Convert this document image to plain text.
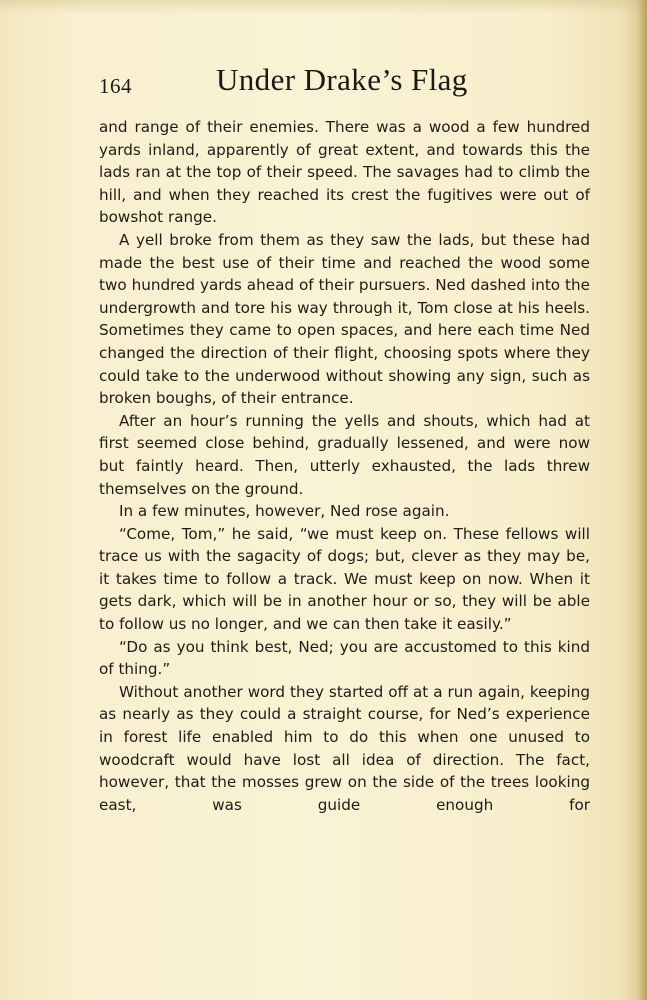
164	Under Drake’s Flag

and range of their enemies. There was a wood a few hundred yards inland, apparently of great extent, and towards this the lads ran at the top of their speed. The savages had to climb the hill, and when they reached its crest the fugitives were out of bowshot range.

A yell broke from them as they saw the lads, but these had made the best use of their time and reached the wood some two hundred yards ahead of their pursuers. Ned dashed into the undergrowth and tore his way through it, Tom close at his heels. Sometimes they came to open spaces, and here each time Ned changed the direction of their flight, choosing spots where they could take to the underwood without showing any sign, such as broken boughs, of their entrance.

After an hour’s running the yells and shouts, which had at first seemed close behind, gradually lessened, and were now but faintly heard. Then, utterly exhausted, the lads threw themselves on the ground.

In a few minutes, however, Ned rose again.

“Come, Tom,” he said, “we must keep on. These fellows will trace us with the sagacity of dogs; but, clever as they may be, it takes time to follow a track. We must keep on now. When it gets dark, which will be in another hour or so, they will be able to follow us no longer, and we can then take it easily.”

“Do as you think best, Ned; you are accustomed to this kind of thing.”

Without another word they started off at a run again, keeping as nearly as they could a straight course, for Ned’s experience in forest life enabled him to do this when one unused to woodcraft would have lost all idea of direction. The fact, however, that the mosses grew on the side of the trees looking east, was guide enough for
